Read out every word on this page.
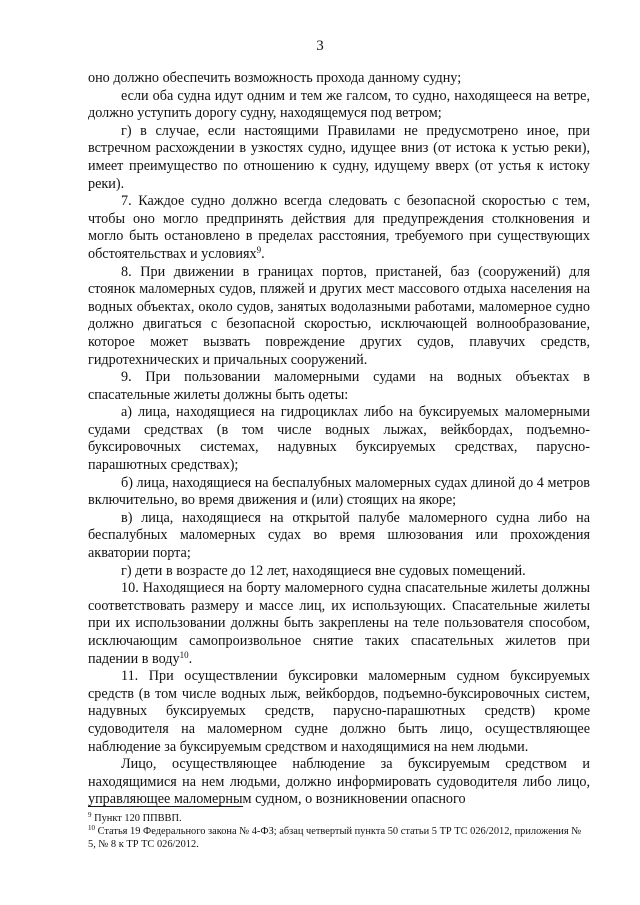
3

оно должно обеспечить возможность прохода данному судну;

если оба судна идут одним и тем же галсом, то судно, находящееся на ветре, должно уступить дорогу судну, находящемуся под ветром;

г) в случае, если настоящими Правилами не предусмотрено иное, при встречном расхождении в узкостях судно, идущее вниз (от истока к устью реки), имеет преимущество по отношению к судну, идущему вверх (от устья к истоку реки).

7. Каждое судно должно всегда следовать с безопасной скоростью с тем, чтобы оно могло предпринять действия для предупреждения столкновения и могло быть остановлено в пределах расстояния, требуемого при существующих обстоятельствах и условиях$^9$.

8. При движении в границах портов, пристаней, баз (сооружений) для стоянок маломерных судов, пляжей и других мест массового отдыха населения на водных объектах, около судов, занятых водолазными работами, маломерное судно должно двигаться с безопасной скоростью, исключающей волнообразование, которое может вызвать повреждение других судов, плавучих средств, гидротехнических и причальных сооружений.

9. При пользовании маломерными судами на водных объектах в спасательные жилеты должны быть одеты:

а) лица, находящиеся на гидроциклах либо на буксируемых маломерными судами средствах (в том числе водных лыжах, вейкбордах, подъемно-буксировочных системах, надувных буксируемых средствах, парусно-парашютных средствах);

б) лица, находящиеся на беспалубных маломерных судах длиной до 4 метров включительно, во время движения и (или) стоящих на якоре;

в) лица, находящиеся на открытой палубе маломерного судна либо на беспалубных маломерных судах во время шлюзования или прохождения акватории порта;

г) дети в возрасте до 12 лет, находящиеся вне судовых помещений.

10. Находящиеся на борту маломерного судна спасательные жилеты должны соответствовать размеру и массе лиц, их использующих. Спасательные жилеты при их использовании должны быть закреплены на теле пользователя способом, исключающим самопроизвольное снятие таких спасательных жилетов при падении в воду$^{10}$.

11. При осуществлении буксировки маломерным судном буксируемых средств (в том числе водных лыж, вейкбордов, подъемно-буксировочных систем, надувных буксируемых средств, парусно-парашютных средств) кроме судоводителя на маломерном судне должно быть лицо, осуществляющее наблюдение за буксируемым средством и находящимися на нем людьми.

Лицо, осуществляющее наблюдение за буксируемым средством и находящимися на нем людьми, должно информировать судоводителя либо лицо, управляющее маломерным судном, о возникновении опасного

$^9$ Пункт 120 ППВВП.

$^{10}$ Статья 19 Федерального закона № 4-ФЗ; абзац четвертый пункта 50 статьи 5 ТР ТС 026/2012, приложения № 5, № 8 к ТР ТС 026/2012.
